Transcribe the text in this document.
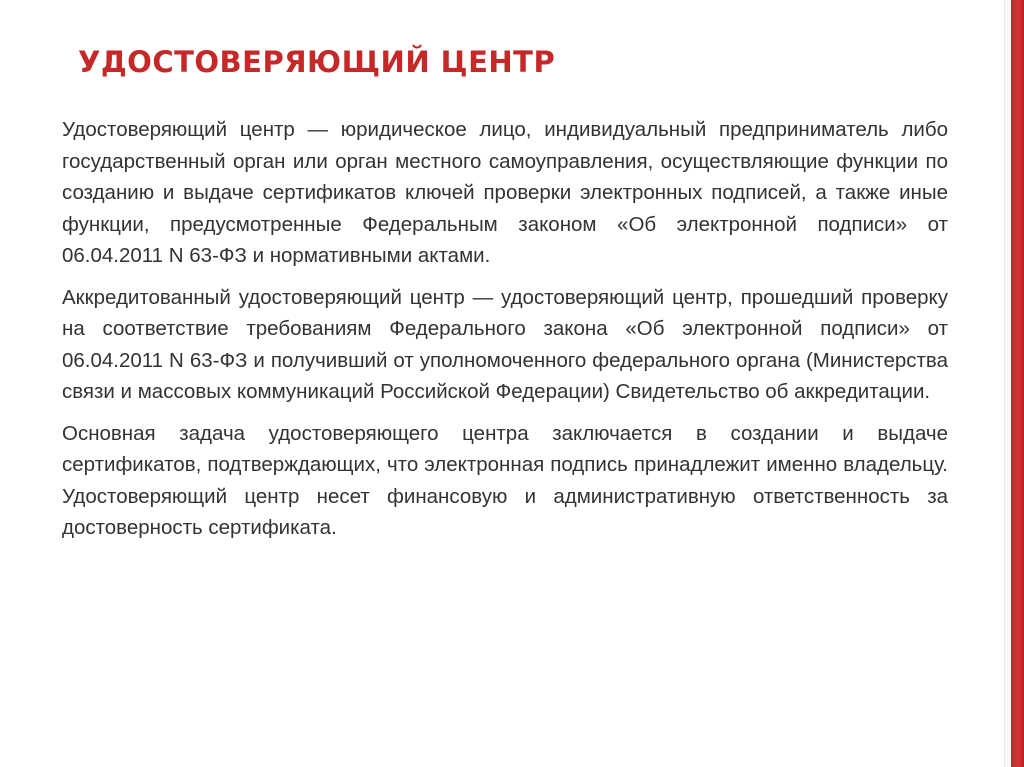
УДОСТОВЕРЯЮЩИЙ ЦЕНТР

Удостоверяющий центр — юридическое лицо, индивидуальный предприниматель либо государственный орган или орган местного самоуправления, осуществляющие функции по созданию и выдаче сертификатов ключей проверки электронных подписей, а также иные функции, предусмотренные Федеральным законом «Об электронной подписи» от 06.04.2011 N 63-ФЗ и нормативными актами.

Аккредитованный удостоверяющий центр — удостоверяющий центр, прошедший проверку на соответствие требованиям Федерального закона «Об электронной подписи» от 06.04.2011 N 63-ФЗ и получивший от уполномоченного федерального органа (Министерства связи и массовых коммуникаций Российской Федерации) Свидетельство об аккредитации.

Основная задача удостоверяющего центра заключается в создании и выдаче сертификатов, подтверждающих, что электронная подпись принадлежит именно владельцу. Удостоверяющий центр несет финансовую и административную ответственность за достоверность сертификата.
